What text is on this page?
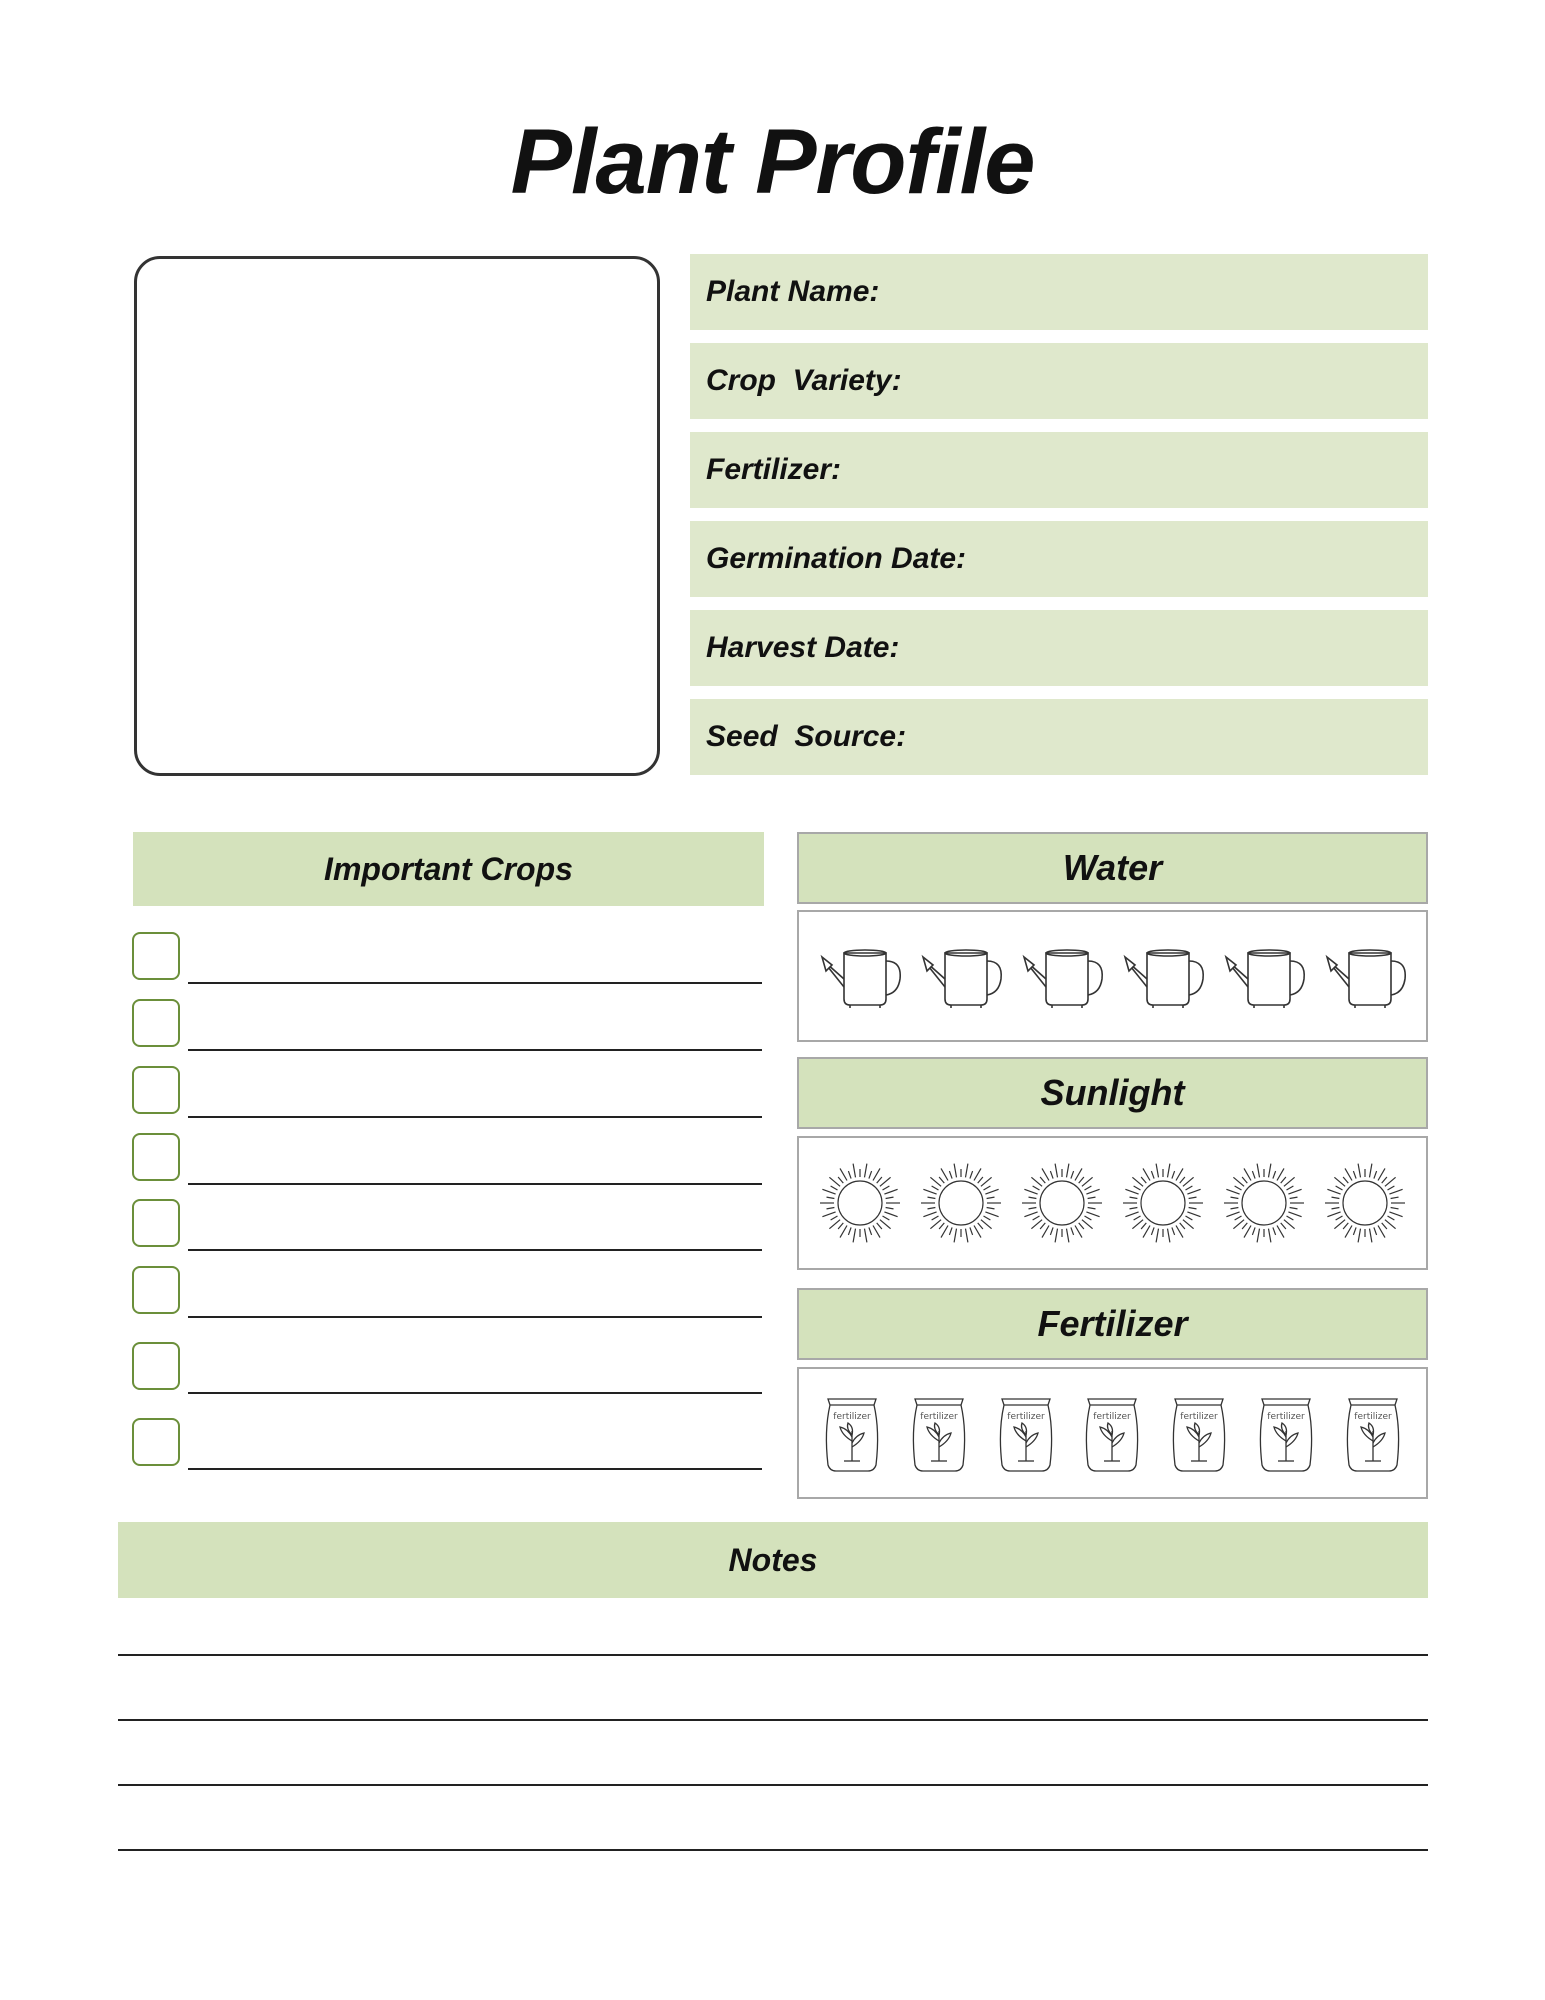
Plant Profile
Plant Name:
Crop  Variety:
Fertilizer:
Germination Date:
Harvest Date:
Seed  Source:
Important Crops	Water
Sunlight
Fertilizer
fertilizer	fertilizer	fertilizer	fertilizer	fertilizer	fertilizer	fertilizer
Notes
